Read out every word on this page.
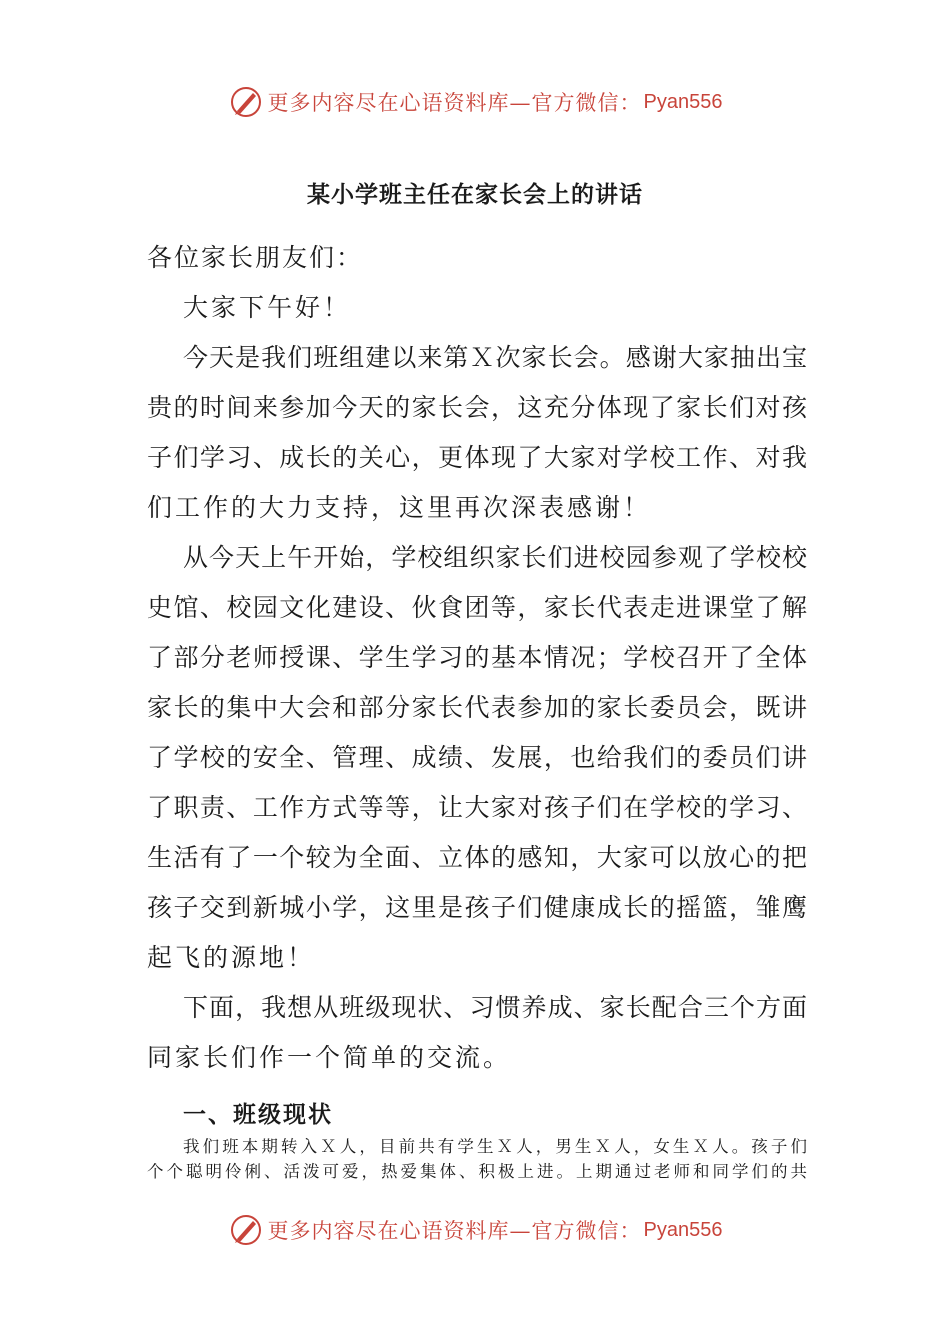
更多内容尽在心语资料库—官方微信： Pyan556
某小学班主任在家长会上的讲话
各位家长朋友们：
大家下午好！
今天是我们班组建以来第Ｘ次家长会。感谢大家抽出宝
贵的时间来参加今天的家长会，这充分体现了家长们对孩
子们学习、成长的关心，更体现了大家对学校工作、对我
们工作的大力支持，这里再次深表感谢！
从今天上午开始，学校组织家长们进校园参观了学校校
史馆、校园文化建设、伙食团等，家长代表走进课堂了解
了部分老师授课、学生学习的基本情况；学校召开了全体
家长的集中大会和部分家长代表参加的家长委员会，既讲
了学校的安全、管理、成绩、发展，也给我们的委员们讲
了职责、工作方式等等，让大家对孩子们在学校的学习、
生活有了一个较为全面、立体的感知，大家可以放心的把
孩子交到新城小学，这里是孩子们健康成长的摇篮，雏鹰
起飞的源地！
下面，我想从班级现状、习惯养成、家长配合三个方面
同家长们作一个简单的交流。
一、班级现状
我们班本期转入Ｘ人，目前共有学生Ｘ人，男生Ｘ人，女生Ｘ人。孩子们
个个聪明伶俐、活泼可爱，热爱集体、积极上进。上期通过老师和同学们的共
更多内容尽在心语资料库—官方微信： Pyan556
